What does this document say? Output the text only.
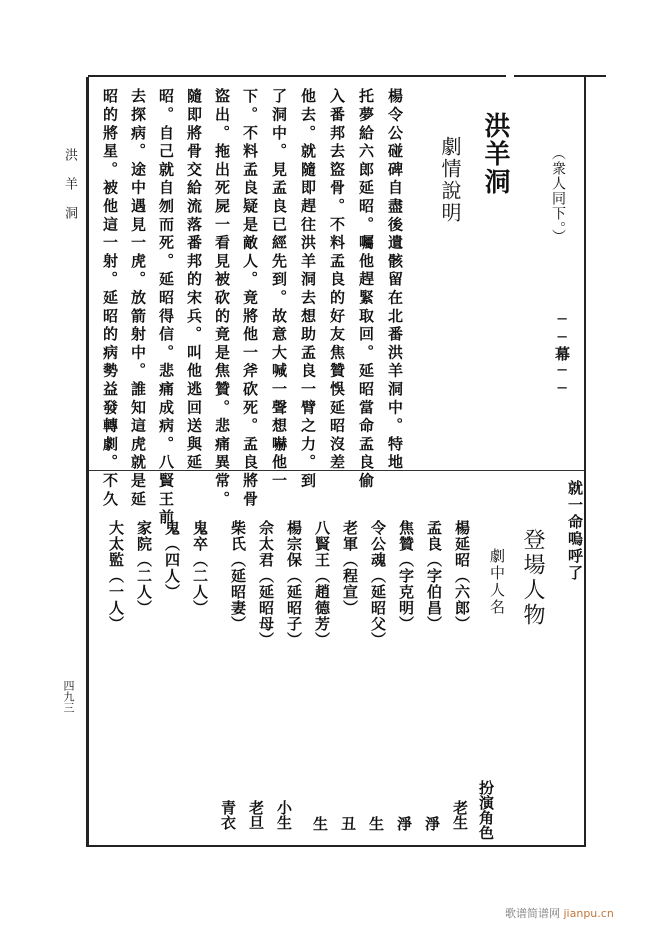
洪羊洞
四九三
（衆人同下。）
──幕──
洪羊洞
劇情說明
楊令公碰碑自盡後遺骸留在北番洪羊洞中。特地
托夢給六郎延昭。囑他趕緊取回。延昭當命孟良偷
入番邦去盜骨。不料孟良的好友焦贊悞延昭沒差
他去。就隨即趕往洪羊洞去想助孟良一臂之力。到
了洞中。見孟良已經先到。故意大喊一聲想嚇他一
下。不料孟良疑是敵人。竟將他一斧砍死。孟良將骨
盜出。拖出死屍一看見被砍的竟是焦贊。悲痛異常。
隨即將骨交給流落番邦的宋兵。叫他逃回送與延
昭。自己就自刎而死。延昭得信。悲痛成病。八賢王前
去探病。途中遇見一虎。放箭射中。誰知這虎就是延
昭的將星。被他這一射。延昭的病勢益發轉劇。不久
就一命嗚呼了
登場人物
劇中人名
扮演角色
楊延昭（六郎）
孟良（字伯昌）
焦贊（字克明）
令公魂（延昭父）
老軍（程宣）
八賢王（趙德芳）
楊宗保（延昭子）
佘太君（延昭母）
柴氏（延昭妻）
鬼卒（二人）
鬼（四人）
家院（二人）
大太監（一人）
老生
淨
淨
生
丑
生
小生
老旦
青衣
歌谱简谱网 jianpu.cn
